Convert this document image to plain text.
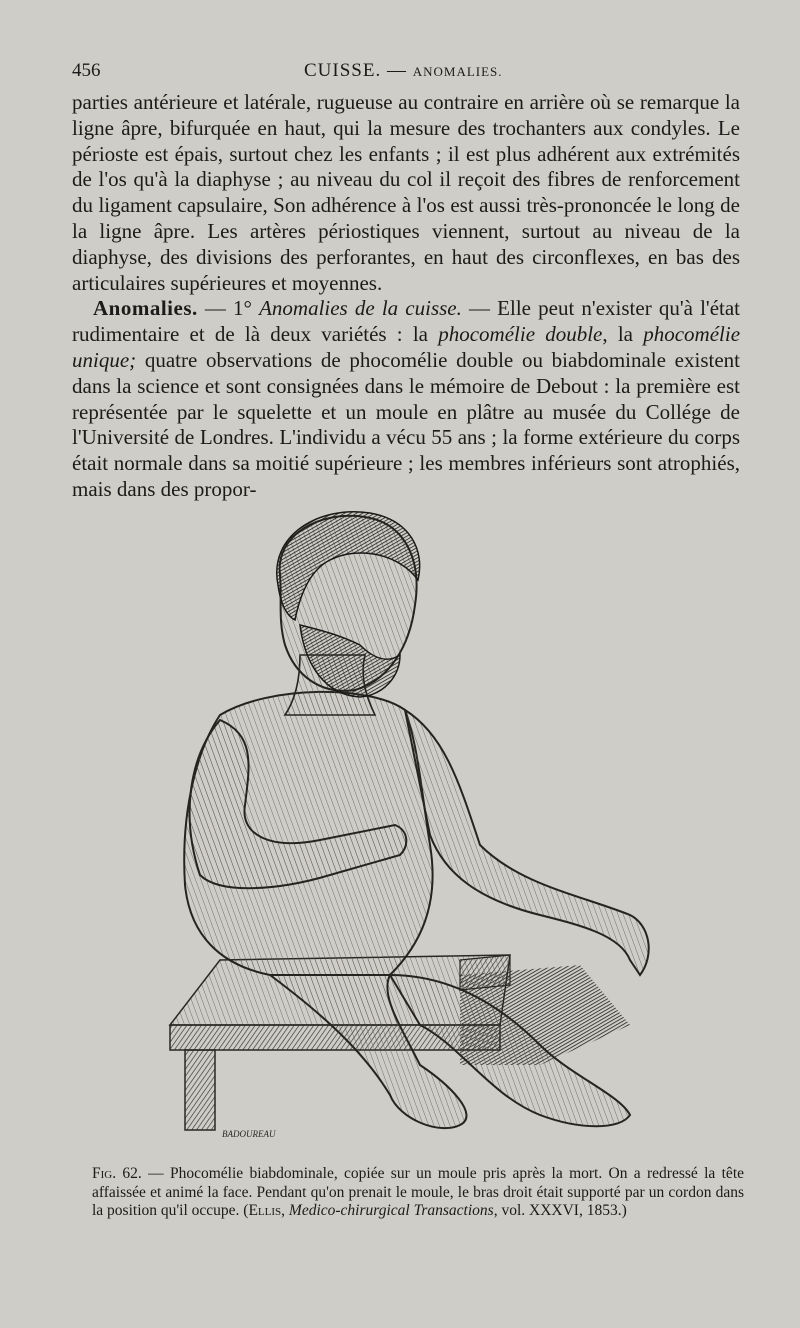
456	CUISSE. — ANOMALIES.

parties antérieure et latérale, rugueuse au contraire en arrière où se remarque la ligne âpre, bifurquée en haut, qui la mesure des trochanters aux condyles. Le périoste est épais, surtout chez les enfants ; il est plus adhérent aux extrémités de l'os qu'à la diaphyse ; au niveau du col il reçoit des fibres de renforcement du ligament capsulaire, Son adhérence à l'os est aussi très-prononcée le long de la ligne âpre. Les artères périostiques viennent, surtout au niveau de la diaphyse, des divisions des perforantes, en haut des circonflexes, en bas des articulaires supérieures et moyennes.

 Anomalies. — 1° Anomalies de la cuisse. — Elle peut n'exister qu'à l'état rudimentaire et de là deux variétés : la phocomélie double, la phocomélie unique; quatre observations de phocomélie double ou biabdominale existent dans la science et sont consignées dans le mémoire de Debout : la première est représentée par le squelette et un moule en plâtre au musée du Collége de l'Université de Londres. L'individu a vécu 55 ans ; la forme extérieure du corps était normale dans sa moitié supérieure ; les membres inférieurs sont atrophiés, mais dans des propor-

BADOUREAU
Fig. 62. — Phocomélie biabdominale, copiée sur un moule pris après la mort. On a redressé la tête affaissée et animé la face. Pendant qu'on prenait le moule, le bras droit était supporté par un cordon dans la position qu'il occupe. (Ellis, Medico-chirurgical Transactions, vol. XXXVI, 1853.)
